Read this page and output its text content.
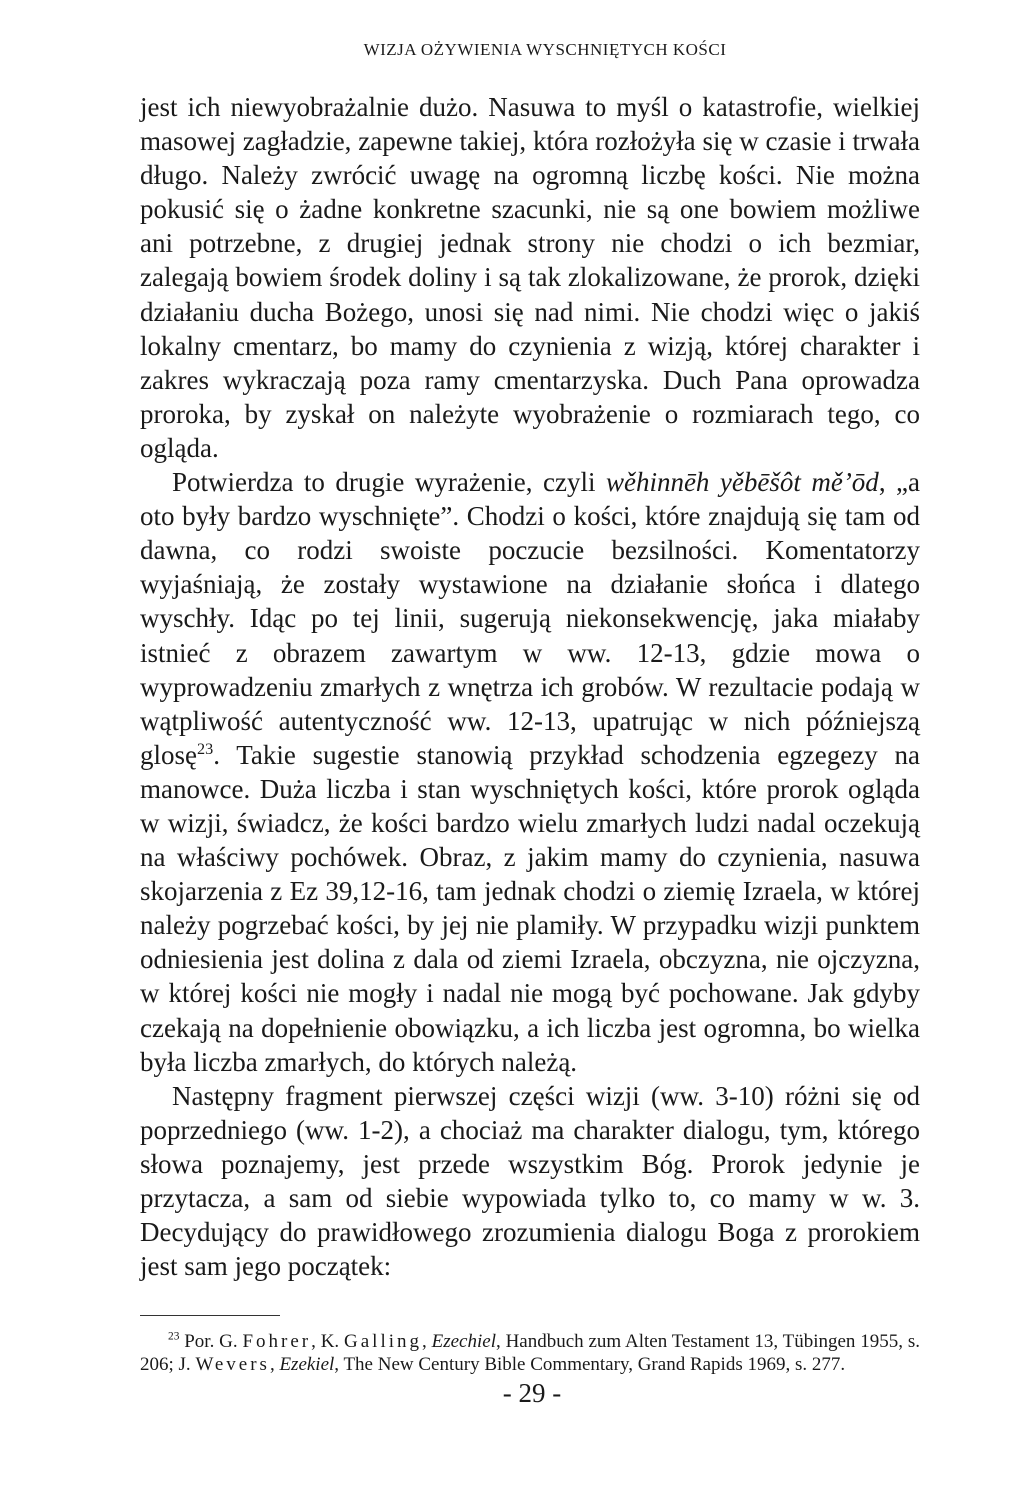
WIZJA OŻYWIENIA WYSCHNIĘTYCH KOŚCI

jest ich niewyobrażalnie dużo. Nasuwa to myśl o katastrofie, wielkiej masowej zagładzie, zapewne takiej, która rozłożyła się w czasie i trwała długo. Należy zwrócić uwagę na ogromną liczbę kości. Nie można pokusić się o żadne konkretne szacunki, nie są one bowiem możliwe ani potrzebne, z drugiej jednak strony nie chodzi o ich bezmiar, zalegają bowiem środek doliny i są tak zlokalizowane, że prorok, dzięki działaniu ducha Bożego, unosi się nad nimi. Nie chodzi więc o jakiś lokalny cmentarz, bo mamy do czynienia z wizją, której charakter i zakres wykraczają poza ramy cmentarzyska. Duch Pana oprowadza proroka, by zyskał on należyte wyobrażenie o rozmiarach tego, co ogląda.

Potwierdza to drugie wyrażenie, czyli wěhinnēh yěbēšôt mě’ōd, „a oto były bardzo wyschnięte”. Chodzi o kości, które znajdują się tam od dawna, co rodzi swoiste poczucie bezsilności. Komentatorzy wyjaśniają, że zostały wystawione na działanie słońca i dlatego wyschły. Idąc po tej linii, sugerują niekonsekwencję, jaka miałaby istnieć z obrazem zawartym w ww. 12-13, gdzie mowa o wyprowadzeniu zmarłych z wnętrza ich grobów. W rezultacie podają w wątpliwość autentyczność ww. 12-13, upatrując w nich późniejszą glosę$^{23}$. Takie sugestie stanowią przykład schodzenia egzegezy na manowce. Duża liczba i stan wyschniętych kości, które prorok ogląda w wizji, świadcz, że kości bardzo wielu zmarłych ludzi nadal oczekują na właściwy pochówek. Obraz, z jakim mamy do czynienia, nasuwa skojarzenia z Ez 39,12-16, tam jednak chodzi o ziemię Izraela, w której należy pogrzebać kości, by jej nie plamiły. W przypadku wizji punktem odniesienia jest dolina z dala od ziemi Izraela, obczyzna, nie ojczyzna, w której kości nie mogły i nadal nie mogą być pochowane. Jak gdyby czekają na dopełnienie obowiązku, a ich liczba jest ogromna, bo wielka była liczba zmarłych, do których należą.

Następny fragment pierwszej części wizji (ww. 3-10) różni się od poprzedniego (ww. 1-2), a chociaż ma charakter dialogu, tym, którego słowa poznajemy, jest przede wszystkim Bóg. Prorok jedynie je przytacza, a sam od siebie wypowiada tylko to, co mamy w w. 3. Decydujący do prawidłowego zrozumienia dialogu Boga z prorokiem jest sam jego początek:

$^{23}$ Por. G. Fohrer, K. Galling, Ezechiel, Handbuch zum Alten Testament 13, Tübingen 1955, s. 206; J. Wevers, Ezekiel, The New Century Bible Commentary, Grand Rapids 1969, s. 277.

- 29 -
